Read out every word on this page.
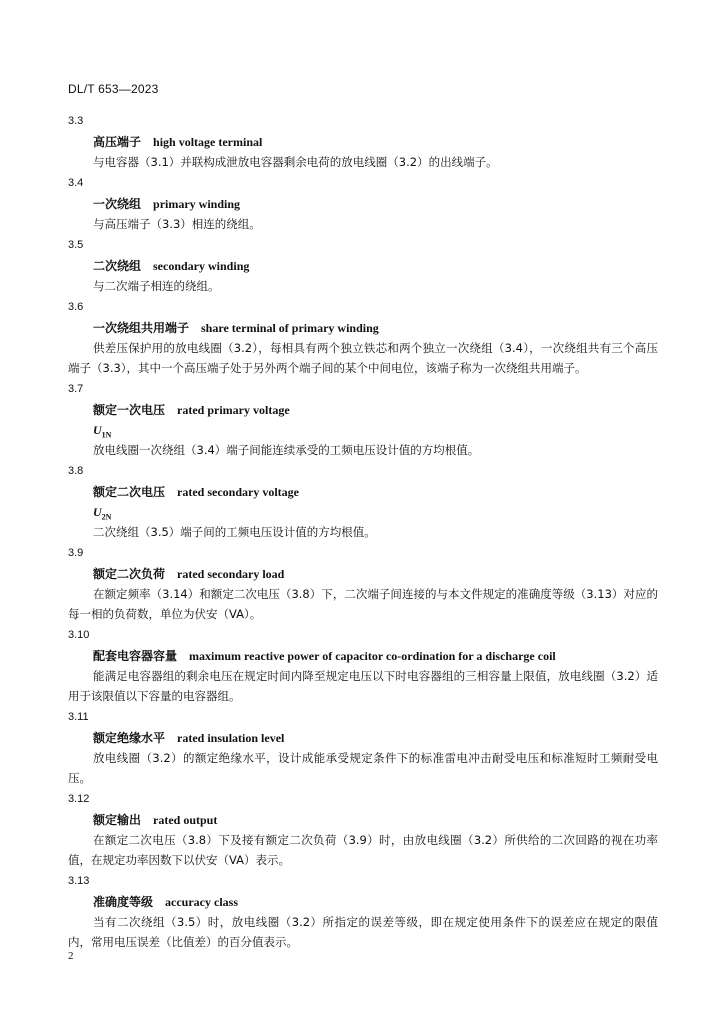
DL/T 653—2023
3.3
高压端子 high voltage terminal
与电容器（3.1）并联构成泄放电容器剩余电荷的放电线圈（3.2）的出线端子。
3.4
一次绕组 primary winding
与高压端子（3.3）相连的绕组。
3.5
二次绕组 secondary winding
与二次端子相连的绕组。
3.6
一次绕组共用端子 share terminal of primary winding
供差压保护用的放电线圈（3.2），每相具有两个独立铁芯和两个独立一次绕组（3.4），一次绕组共有三个高压端子（3.3），其中一个高压端子处于另外两个端子间的某个中间电位，该端子称为一次绕组共用端子。
3.7
额定一次电压 rated primary voltage
$U_{1N}$
放电线圈一次绕组（3.4）端子间能连续承受的工频电压设计值的方均根值。
3.8
额定二次电压 rated secondary voltage
$U_{2N}$
二次绕组（3.5）端子间的工频电压设计值的方均根值。
3.9
额定二次负荷 rated secondary load
在额定频率（3.14）和额定二次电压（3.8）下，二次端子间连接的与本文件规定的准确度等级（3.13）对应的每一相的负荷数，单位为伏安（VA）。
3.10
配套电容器容量 maximum reactive power of capacitor co-ordination for a discharge coil
能满足电容器组的剩余电压在规定时间内降至规定电压以下时电容器组的三相容量上限值，放电线圈（3.2）适用于该限值以下容量的电容器组。
3.11
额定绝缘水平 rated insulation level
放电线圈（3.2）的额定绝缘水平，设计成能承受规定条件下的标准雷电冲击耐受电压和标准短时工频耐受电压。
3.12
额定输出 rated output
在额定二次电压（3.8）下及接有额定二次负荷（3.9）时，由放电线圈（3.2）所供给的二次回路的视在功率值，在规定功率因数下以伏安（VA）表示。
3.13
准确度等级 accuracy class
当有二次绕组（3.5）时，放电线圈（3.2）所指定的误差等级，即在规定使用条件下的误差应在规定的限值内，常用电压误差（比值差）的百分值表示。
2
